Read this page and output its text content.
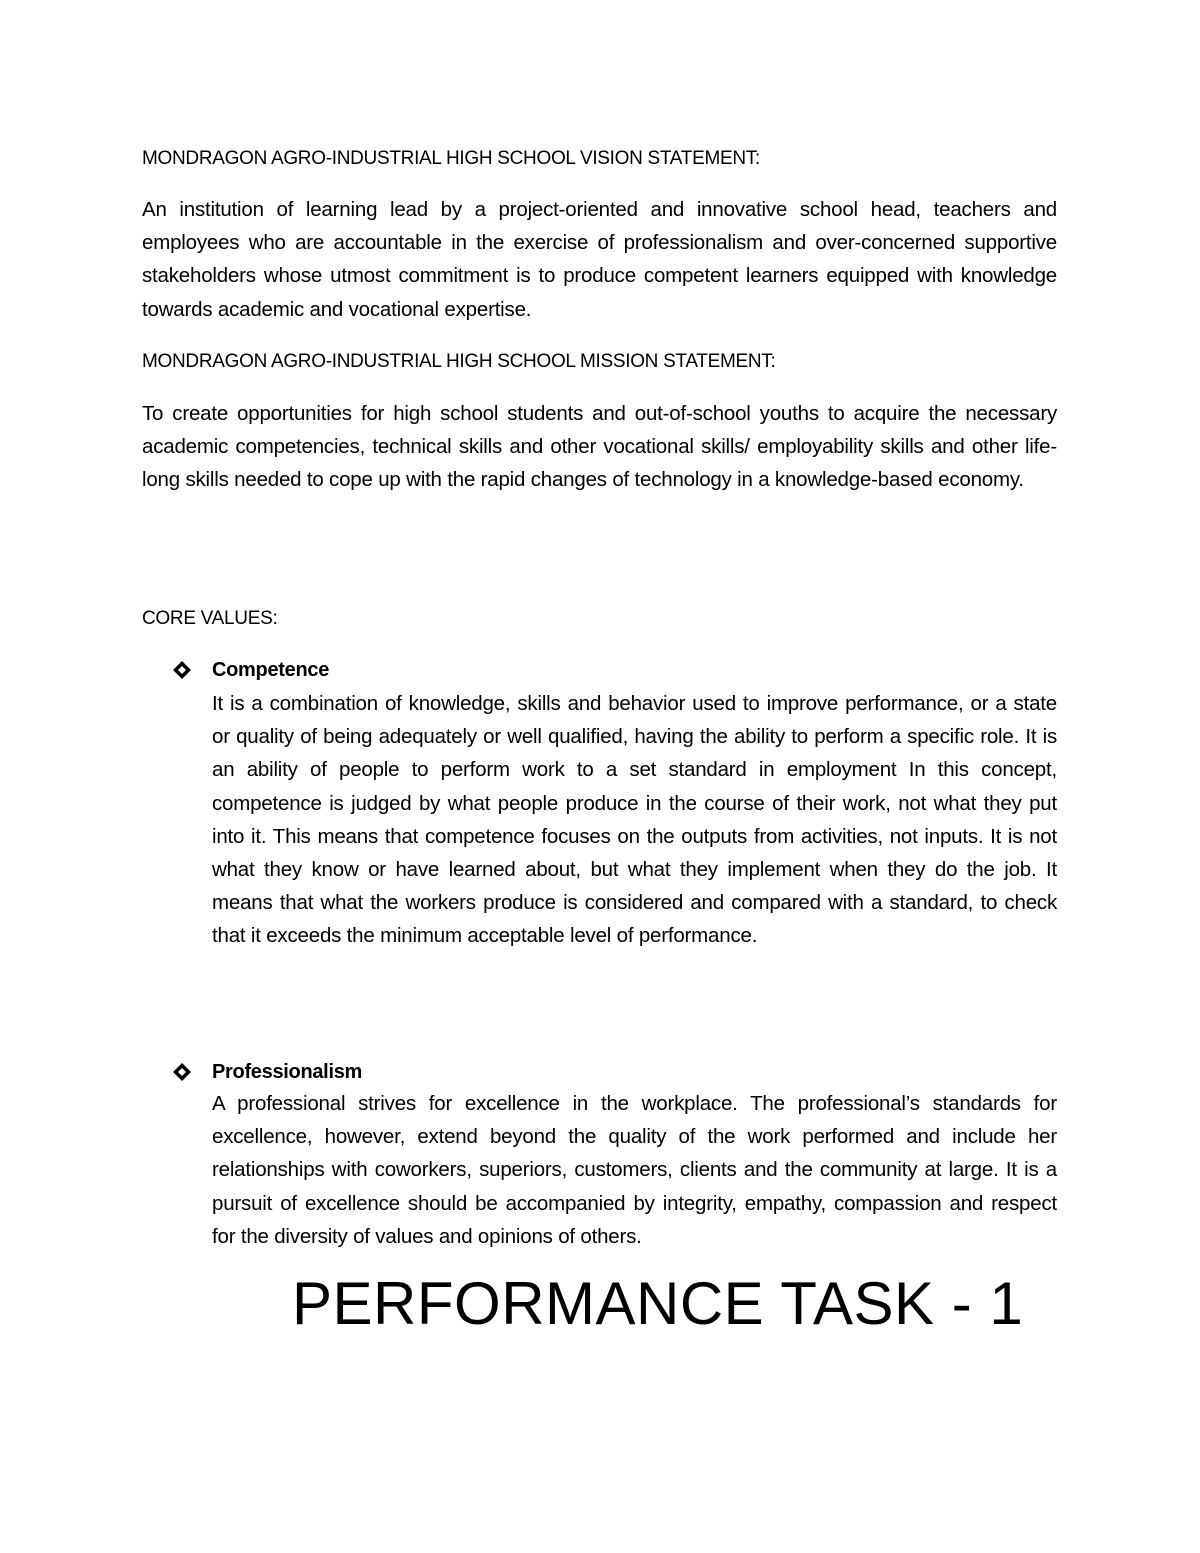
MONDRAGON AGRO-INDUSTRIAL HIGH SCHOOL VISION STATEMENT:
An institution of learning lead by a project-oriented and innovative school head, teachers and employees who are accountable in the exercise of professionalism and over-concerned supportive stakeholders whose utmost commitment is to produce competent learners equipped with knowledge towards academic and vocational expertise.
MONDRAGON AGRO-INDUSTRIAL HIGH SCHOOL MISSION STATEMENT:
To create opportunities for high school students and out-of-school youths to acquire the necessary academic competencies, technical skills and other vocational skills/ employability skills and other life-long skills needed to cope up with the rapid changes of technology in a knowledge-based economy.
CORE VALUES:
Competence
It is a combination of knowledge, skills and behavior used to improve performance, or a state or quality of being adequately or well qualified, having the ability to perform a specific role. It is an ability of people to perform work to a set standard in employment In this concept, competence is judged by what people produce in the course of their work, not what they put into it. This means that competence focuses on the outputs from activities, not inputs. It is not what they know or have learned about, but what they implement when they do the job. It means that what the workers produce is considered and compared with a standard, to check that it exceeds the minimum acceptable level of performance.
Professionalism
A professional strives for excellence in the workplace. The professional’s standards for excellence, however, extend beyond the quality of the work performed and include her relationships with coworkers, superiors, customers, clients and the community at large. It is a pursuit of excellence should be accompanied by integrity, empathy, compassion and respect for the diversity of values and opinions of others.
PERFORMANCE TASK - 1
